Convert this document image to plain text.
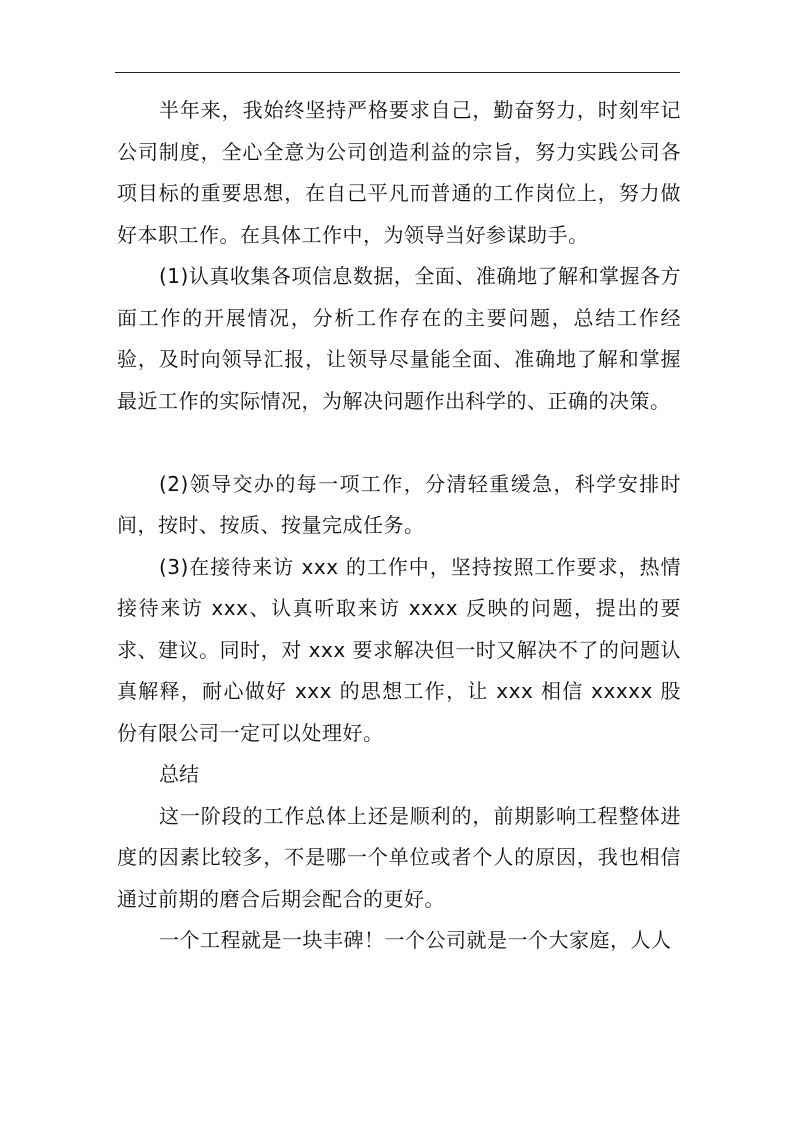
半年来，我始终坚持严格要求自己，勤奋努力，时刻牢记公司制度，全心全意为公司创造利益的宗旨，努力实践公司各项目标的重要思想，在自己平凡而普通的工作岗位上，努力做好本职工作。在具体工作中，为领导当好参谋助手。

(1)认真收集各项信息数据，全面、准确地了解和掌握各方面工作的开展情况，分析工作存在的主要问题，总结工作经验，及时向领导汇报，让领导尽量能全面、准确地了解和掌握最近工作的实际情况，为解决问题作出科学的、正确的决策。

(2)领导交办的每一项工作，分清轻重缓急，科学安排时间，按时、按质、按量完成任务。

(3)在接待来访 xxx 的工作中，坚持按照工作要求，热情接待来访 xxx、认真听取来访 xxxx 反映的问题，提出的要求、建议。同时，对 xxx 要求解决但一时又解决不了的问题认真解释，耐心做好 xxx 的思想工作，让 xxx 相信 xxxxx 股份有限公司一定可以处理好。

总结

这一阶段的工作总体上还是顺利的，前期影响工程整体进度的因素比较多，不是哪一个单位或者个人的原因，我也相信通过前期的磨合后期会配合的更好。

一个工程就是一块丰碑！一个公司就是一个大家庭，人人
